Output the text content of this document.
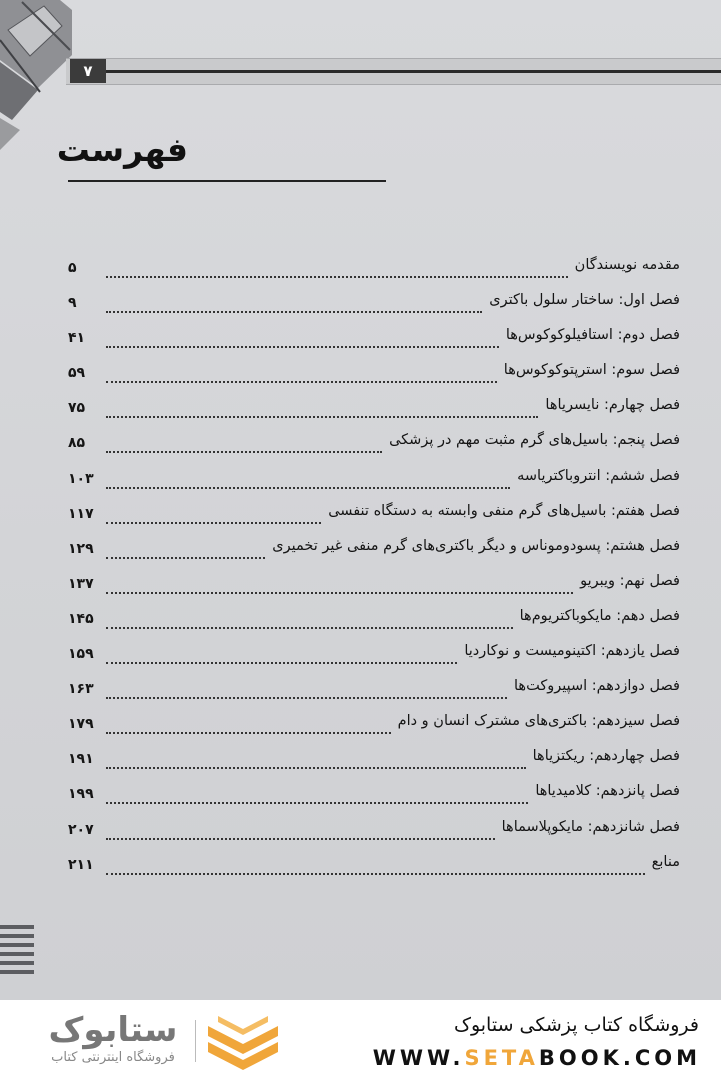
۷
فهرست
مقدمه نویسندگان
۵
فصل اول: ساختار سلول باکتری
۹
فصل دوم: استافیلوکوکوس‌ها
۴۱
فصل سوم: استرپتوکوکوس‌ها
۵۹
فصل چهارم: نایسریاها
۷۵
فصل پنجم: باسیل‌های گرم مثبت مهم در پزشکی
۸۵
فصل ششم: انتروباکتریاسه
۱۰۳
فصل هفتم: باسیل‌های گرم منفی وابسته به دستگاه تنفسی
۱۱۷
فصل هشتم: پسودوموناس و دیگر باکتری‌های گرم منفی غیر تخمیری
۱۲۹
فصل نهم: ویبریو
۱۳۷
فصل دهم: مایکوباکتریوم‌ها
۱۴۵
فصل یازدهم: اکتینومیست و نوکاردیا
۱۵۹
فصل دوازدهم: اسپیروکت‌ها
۱۶۳
فصل سیزدهم: باکتری‌های مشترک انسان و دام
۱۷۹
فصل چهاردهم: ریکتزیاها
۱۹۱
فصل پانزدهم: کلامیدیاها
۱۹۹
فصل شانزدهم: مایکوپلاسماها
۲۰۷
منابع
۲۱۱
ستابوک
فروشگاه اینترنتی کتاب
فروشگاه کتاب پزشکی ستابوک
WWW.SETABOOK.COM
